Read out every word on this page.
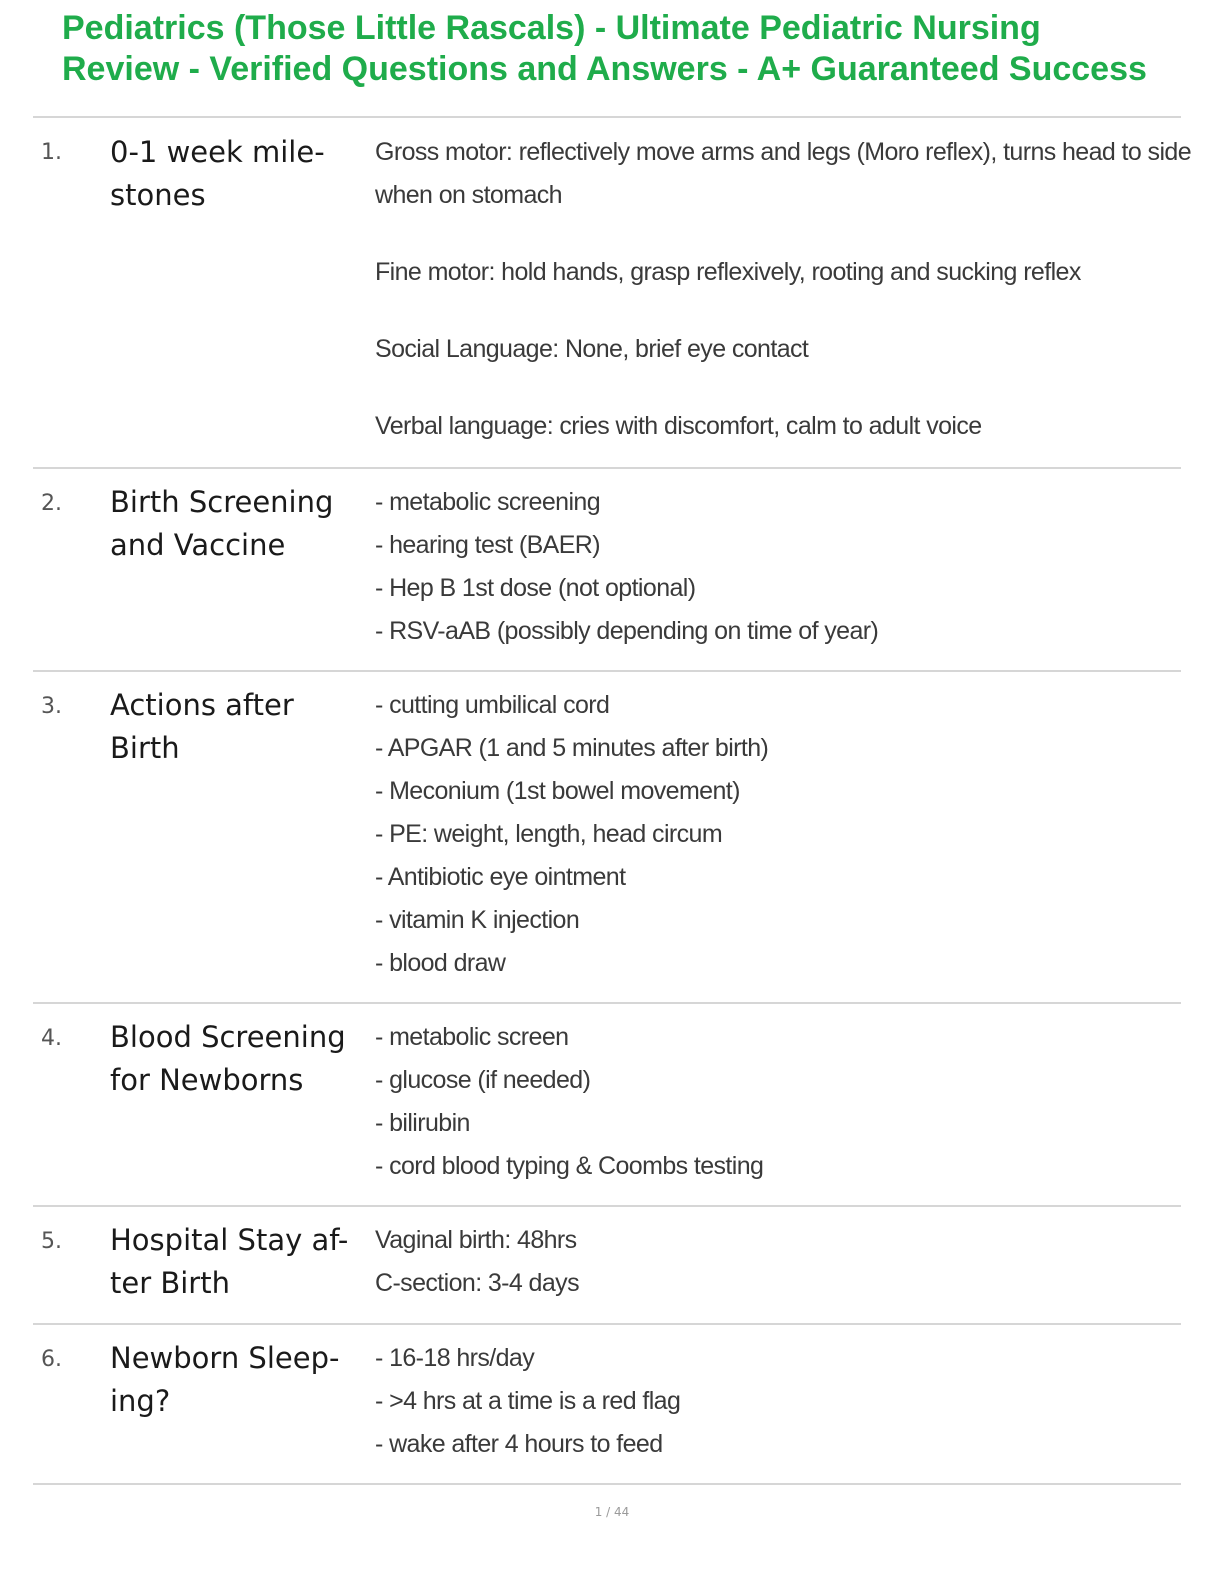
Pediatrics (Those Little Rascals) - Ultimate Pediatric Nursing
Review - Verified Questions and Answers - A+ Guaranteed Success
1. 0-1 week mile-
stones
Gross motor: reflectively move arms and legs (Moro reflex), turns head to side
when on stomach
Fine motor: hold hands, grasp reflexively, rooting and sucking reflex
Social Language: None, brief eye contact
Verbal language: cries with discomfort, calm to adult voice
2. Birth Screening
and Vaccine
- metabolic screening
- hearing test (BAER)
- Hep B 1st dose (not optional)
- RSV-aAB (possibly depending on time of year)
3. Actions after
Birth
- cutting umbilical cord
- APGAR (1 and 5 minutes after birth)
- Meconium (1st bowel movement)
- PE: weight, length, head circum
- Antibiotic eye ointment
- vitamin K injection
- blood draw
4. Blood Screening
for Newborns
- metabolic screen
- glucose (if needed)
- bilirubin
- cord blood typing & Coombs testing
5. Hospital Stay af-
ter Birth
Vaginal birth: 48hrs
C-section: 3-4 days
6. Newborn Sleep-
ing?
- 16-18 hrs/day
- >4 hrs at a time is a red flag
- wake after 4 hours to feed
1 / 44
